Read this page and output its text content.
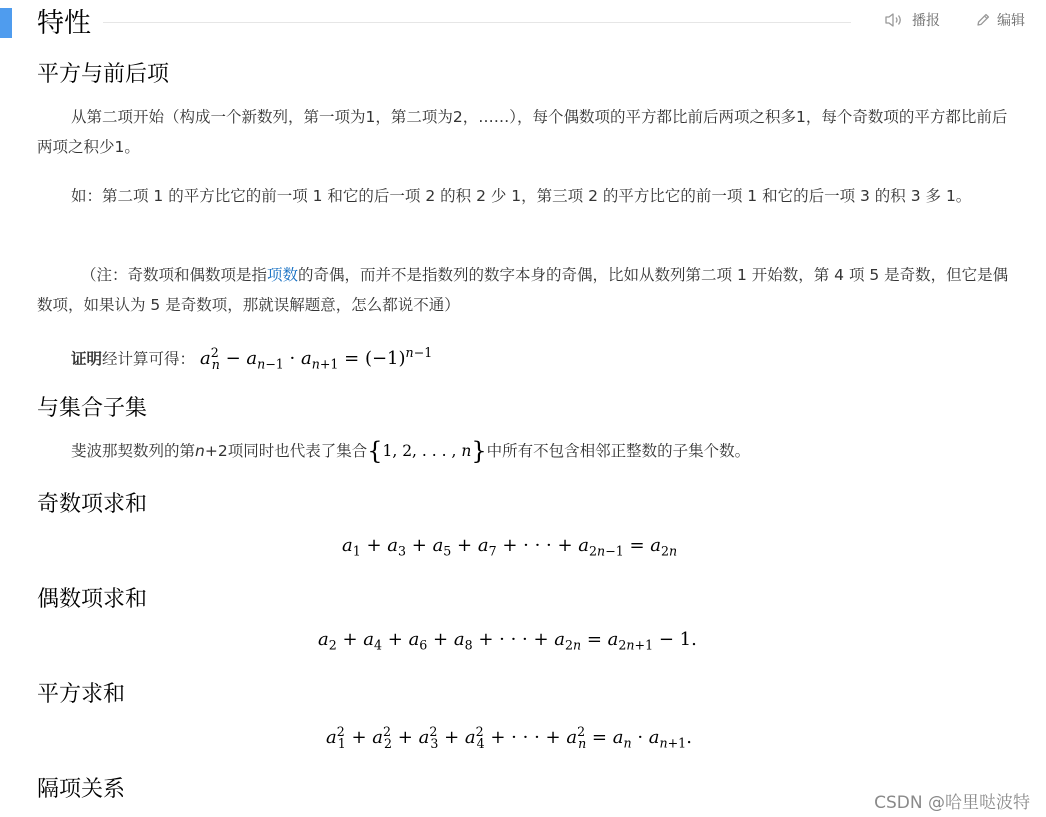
特性	播报	编辑
平方与前后项

从第二项开始（构成一个新数列，第一项为1，第二项为2，……），每个偶数项的平方都比前后两项之积多1，每个奇数项的平方都比前后两项之积少1。

如：第二项 1 的平方比它的前一项 1 和它的后一项 2 的积 2 少 1，第三项 2 的平方比它的前一项 1 和它的后一项 3 的积 3 多 1。

（注：奇数项和偶数项是指项数的奇偶，而并不是指数列的数字本身的奇偶，比如从数列第二项 1 开始数，第 4 项 5 是奇数，但它是偶数项，如果认为 5 是奇数项，那就误解题意，怎么都说不通）

证明经计算可得： $a^2_n - a_{n-1} \cdot a_{n+1} = (-1)^{n-1}$
与集合子集
斐波那契数列的第n+2项同时也代表了集合{1, 2, . . . , n}中所有不包含相邻正整数的子集个数。
奇数项求和
$a_1 + a_3 + a_5 + a_7$ + · · · + $a_{2n-1} = a_{2n}$
偶数项求和
$a_2 + a_4 + a_6 + a_8$ + · · · + $a_{2n} = a_{2n+1} - 1$.
平方求和
$a^2_1 + a^2_2 + a^2_3 + a^2_4$ + · · · + $a^2_n = a_n \cdot a_{n+1}$.
隔项关系
CSDN @哈里哒波特
